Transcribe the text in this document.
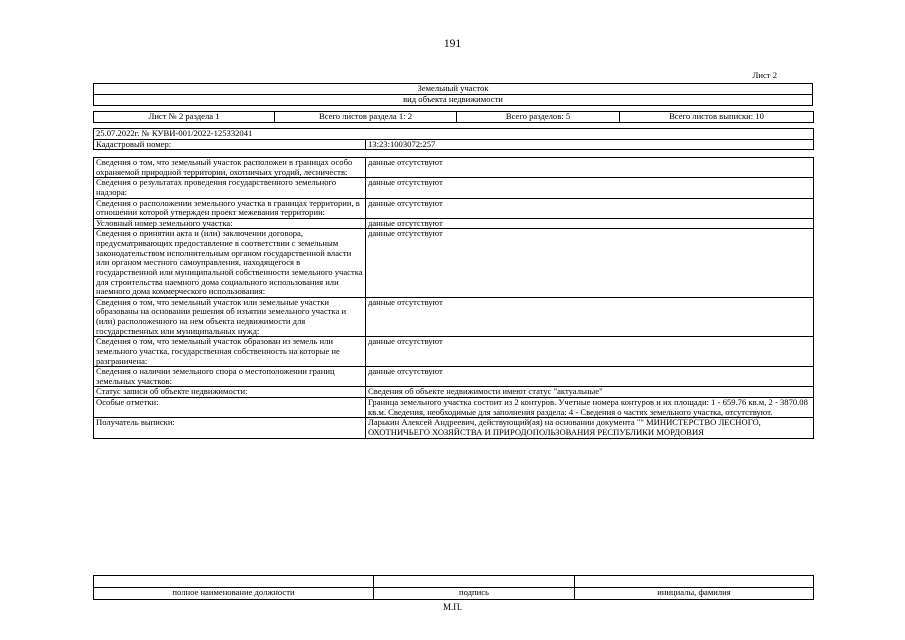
191
Лист 2
Земельный участок
вид объекта недвижимости
Лист № 2 раздела 1	Всего листов раздела 1: 2	Всего разделов: 5	Всего листов выписки: 10
25.07.2022г. № КУВИ-001/2022-125332041
Кадастровый номер:	13:23:1003072:257
Сведения о том, что земельный участок расположен в границах особо охраняемой природной территории, охотничьих угодий, лесничеств:	данные отсутствуют
Сведения о результатах проведения государственного земельного надзора:	данные отсутствуют
Сведения о расположении земельного участка в границах территории, в отношении которой утвержден проект межевания территории:	данные отсутствуют
Условный номер земельного участка:	данные отсутствуют
Сведения о принятии акта и (или) заключении договора, предусматривающих предоставление в соответствии с земельным законодательством исполнительным органом государственной власти или органом местного самоуправления, находящегося в государственной или муниципальной собственности земельного участка для строительства наемного дома социального использования или наемного дома коммерческого использования:	данные отсутствуют
Сведения о том, что земельный участок или земельные участки образованы на основании решения об изъятии земельного участка и (или) расположенного на нем объекта недвижимости для государственных или муниципальных нужд:	данные отсутствуют
Сведения о том, что земельный участок образован из земель или земельного участка, государственная собственность на которые не разграничена:	данные отсутствуют
Сведения о наличии земельного спора о местоположении границ земельных участков:	данные отсутствуют
Статус записи об объекте недвижимости:	Сведения об объекте недвижимости имеют статус "актуальные"
Особые отметки:	Граница земельного участка состоит из 2 контуров. Учетные номера контуров и их площади: 1 - 659.76 кв.м, 2 - 3870.08 кв.м. Сведения, необходимые для заполнения раздела: 4 - Сведения о частях земельного участка, отсутствуют.
Получатель выписки:	Ларькин Алексей Андреевич, действующий(ая) на основании документа "" МИНИСТЕРСТВО ЛЕСНОГО, ОХОТНИЧЬЕГО ХОЗЯЙСТВА И ПРИРОДОПОЛЬЗОВАНИЯ РЕСПУБЛИКИ МОРДОВИЯ

полное наименование должности	подпись	инициалы, фамилия
М.П.
